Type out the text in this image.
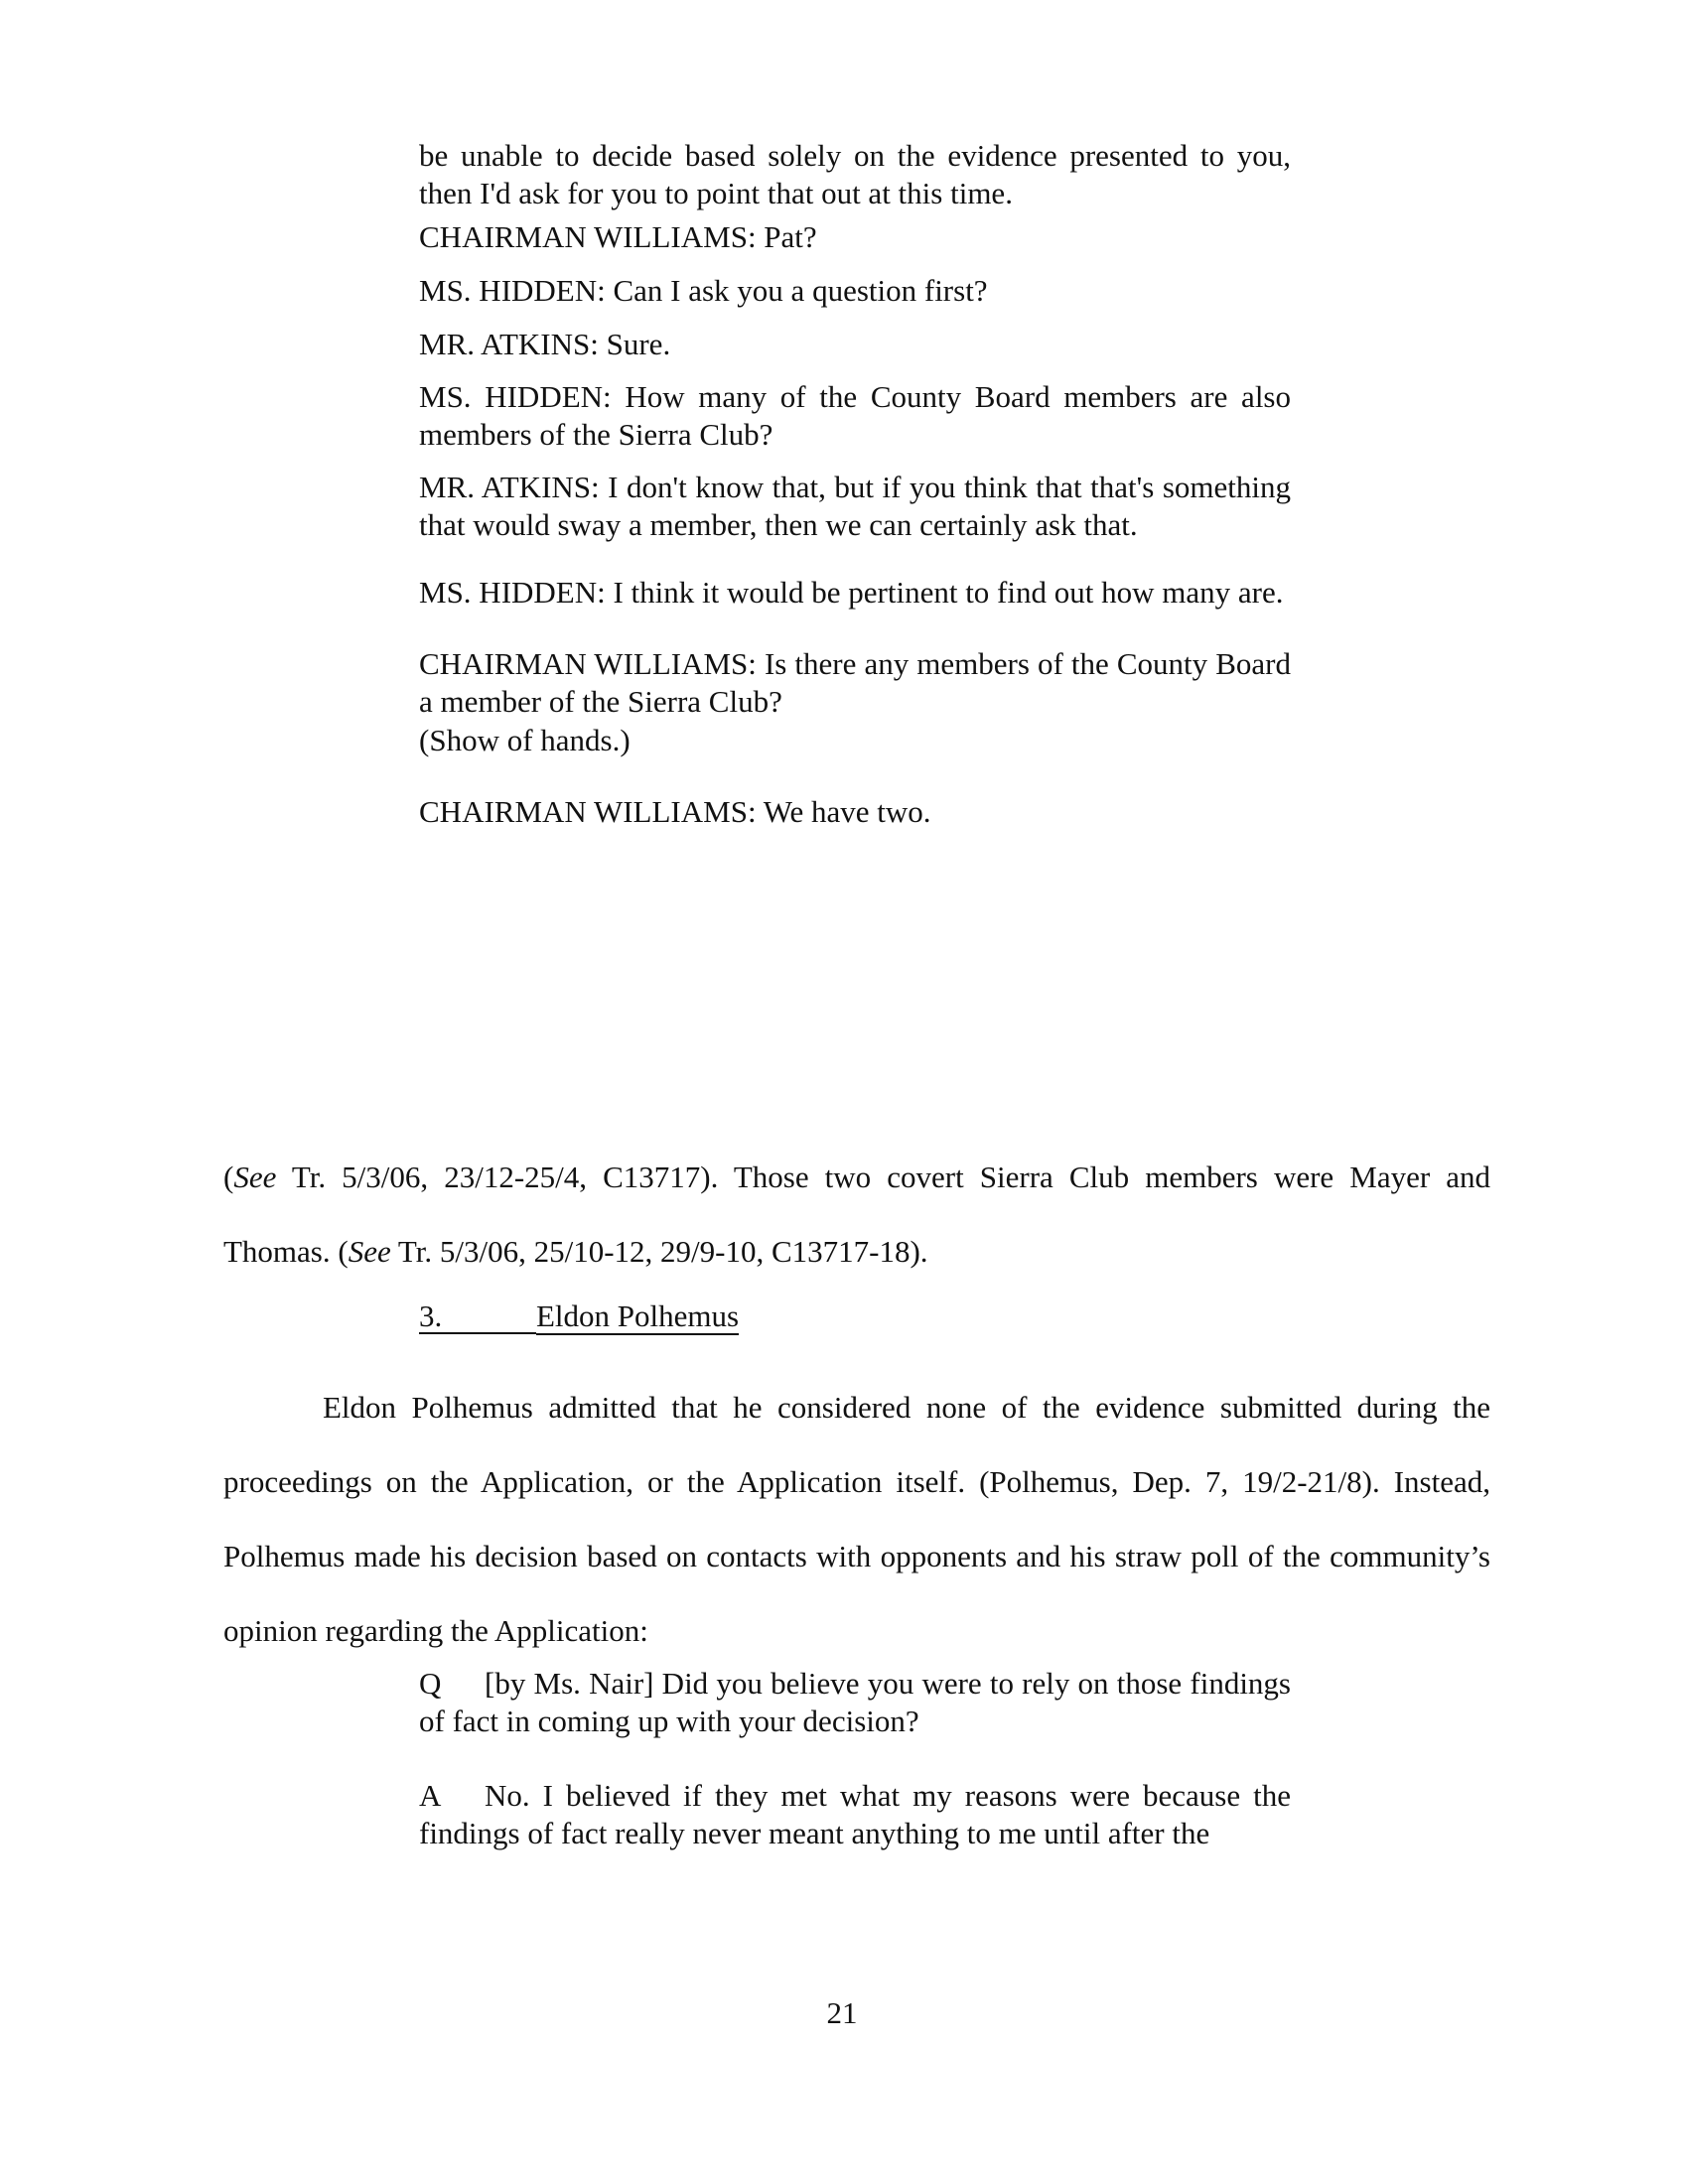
be unable to decide based solely on the evidence presented to you, then I'd ask for you to point that out at this time.

CHAIRMAN WILLIAMS: Pat?

MS. HIDDEN: Can I ask you a question first?

MR. ATKINS: Sure.

MS. HIDDEN: How many of the County Board members are also members of the Sierra Club?

MR. ATKINS: I don't know that, but if you think that that's something that would sway a member, then we can certainly ask that.

MS. HIDDEN: I think it would be pertinent to find out how many are.

CHAIRMAN WILLIAMS: Is there any members of the County Board a member of the Sierra Club?

(Show of hands.)

CHAIRMAN WILLIAMS: We have two.

(See Tr. 5/3/06, 23/12-25/4, C13717). Those two covert Sierra Club members were Mayer and Thomas. (See Tr. 5/3/06, 25/10-12, 29/9-10, C13717-18).

3.	Eldon Polhemus

Eldon Polhemus admitted that he considered none of the evidence submitted during the proceedings on the Application, or the Application itself. (Polhemus, Dep. 7, 19/2-21/8). Instead, Polhemus made his decision based on contacts with opponents and his straw poll of the community’s opinion regarding the Application:

Q [by Ms. Nair] Did you believe you were to rely on those findings of fact in coming up with your decision?

A No. I believed if they met what my reasons were because the findings of fact really never meant anything to me until after the

21
